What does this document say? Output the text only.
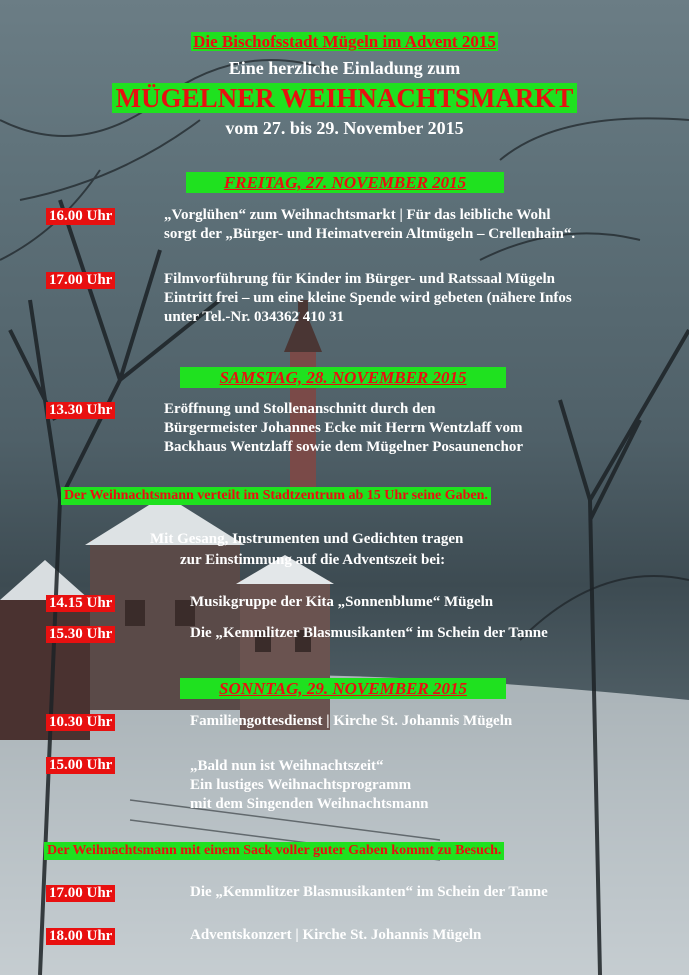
Die Bischofsstadt Mügeln im Advent 2015
Eine herzliche Einladung zum
MÜGELNER WEIHNACHTSMARKT
vom 27. bis 29. November 2015
FREITAG, 27. NOVEMBER 2015
16.00 Uhr	„Vorglühen“ zum Weihnachtsmarkt | Für das leibliche Wohl
sorgt der „Bürger- und Heimatverein Altmügeln – Crellenhain“.
17.00 Uhr	Filmvorführung für Kinder im Bürger- und Ratssaal Mügeln
Eintritt frei – um eine kleine Spende wird gebeten (nähere Infos
unter Tel.-Nr. 034362 410 31
SAMSTAG, 28. NOVEMBER 2015
13.30 Uhr	Eröffnung und Stollenanschnitt durch den
Bürgermeister Johannes Ecke mit Herrn Wentzlaff vom
Backhaus Wentzlaff sowie dem Mügelner Posaunenchor
Der Weihnachtsmann verteilt im Stadtzentrum ab 15 Uhr seine Gaben.
Mit Gesang, Instrumenten und Gedichten tragen
zur Einstimmung auf die Adventszeit bei:
14.15 Uhr	Musikgruppe der Kita „Sonnenblume“ Mügeln
15.30 Uhr	Die „Kemmlitzer Blasmusikanten“ im Schein der Tanne
SONNTAG, 29. NOVEMBER 2015
10.30 Uhr	Familiengottesdienst | Kirche St. Johannis Mügeln
15.00 Uhr	„Bald nun ist Weihnachtszeit“
Ein lustiges Weihnachtsprogramm
mit dem Singenden Weihnachtsmann
Der Weihnachtsmann mit einem Sack voller guter Gaben kommt zu Besuch.
17.00 Uhr	Die „Kemmlitzer Blasmusikanten“ im Schein der Tanne
18.00 Uhr	Adventskonzert | Kirche St. Johannis Mügeln
